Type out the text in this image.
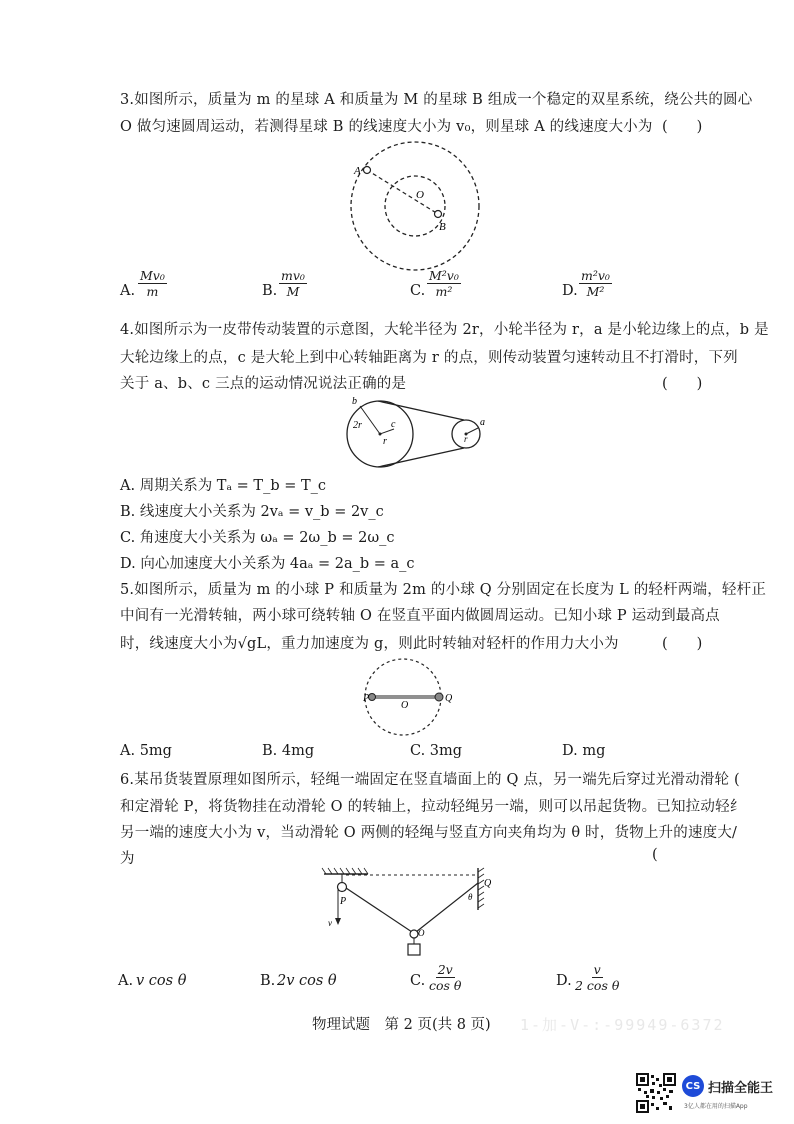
3.如图所示，质量为 m 的星球 A 和质量为 M 的星球 B 组成一个稳定的双星系统，绕公共的圆心
O 做匀速圆周运动，若测得星球 B 的线速度大小为 v₀，则星球 A 的线速度大小为 (　　)
A
O
B
A. $\frac{\text{Mv₀}}{m}$	B. $\frac{\text{mv₀}}{M}$	C. $\frac{\text{M²v₀}}{\text{m²}}$	D. $\frac{\text{m²v₀}}{\text{M²}}$
4.如图所示为一皮带传动装置的示意图，大轮半径为 2r，小轮半径为 r，a 是小轮边缘上的点，b 是
大轮边缘上的点，c 是大轮上到中心转轴距离为 r 的点，则传动装置匀速转动且不打滑时，下列
关于 a、b、c 三点的运动情况说法正确的是	(　　)
b
2r	c
r
a
r
A. 周期关系为 Tₐ = T_b = T_c
B. 线速度大小关系为 2vₐ = v_b = 2v_c
C. 角速度大小关系为 ωₐ = 2ω_b = 2ω_c
D. 向心加速度大小关系为 4aₐ = 2a_b = a_c
5.如图所示，质量为 m 的小球 P 和质量为 2m 的小球 Q 分别固定在长度为 L 的轻杆两端，轻杆正
中间有一光滑转轴，两小球可绕转轴 O 在竖直平面内做圆周运动。已知小球 P 运动到最高点
时，线速度大小为√gL，重力加速度为 g，则此时转轴对轻杆的作用力大小为	(　　)
P
O
Q
A. 5mg	B. 4mg	C. 3mg	D. mg
6.某吊货装置原理如图所示，轻绳一端固定在竖直墙面上的 Q 点，另一端先后穿过光滑动滑轮 (
和定滑轮 P，将货物挂在动滑轮 O 的转轴上，拉动轻绳另一端，则可以吊起货物。已知拉动轻纟
另一端的速度大小为 v，当动滑轮 O 两侧的轻绳与竖直方向夹角均为 θ 时，货物上升的速度大/
为	(
P
Q
O
v
θ
A. v cos θ	B. 2v cos θ	C. $\frac{2v}{\text{cos θ}}$	D. $\frac{v}{\text{2 cos θ}}$
物理试题　第 2 页(共 8 页) 1-加-V-:-99949-6372
CS 扫描全能王
3亿人都在用的扫描App
